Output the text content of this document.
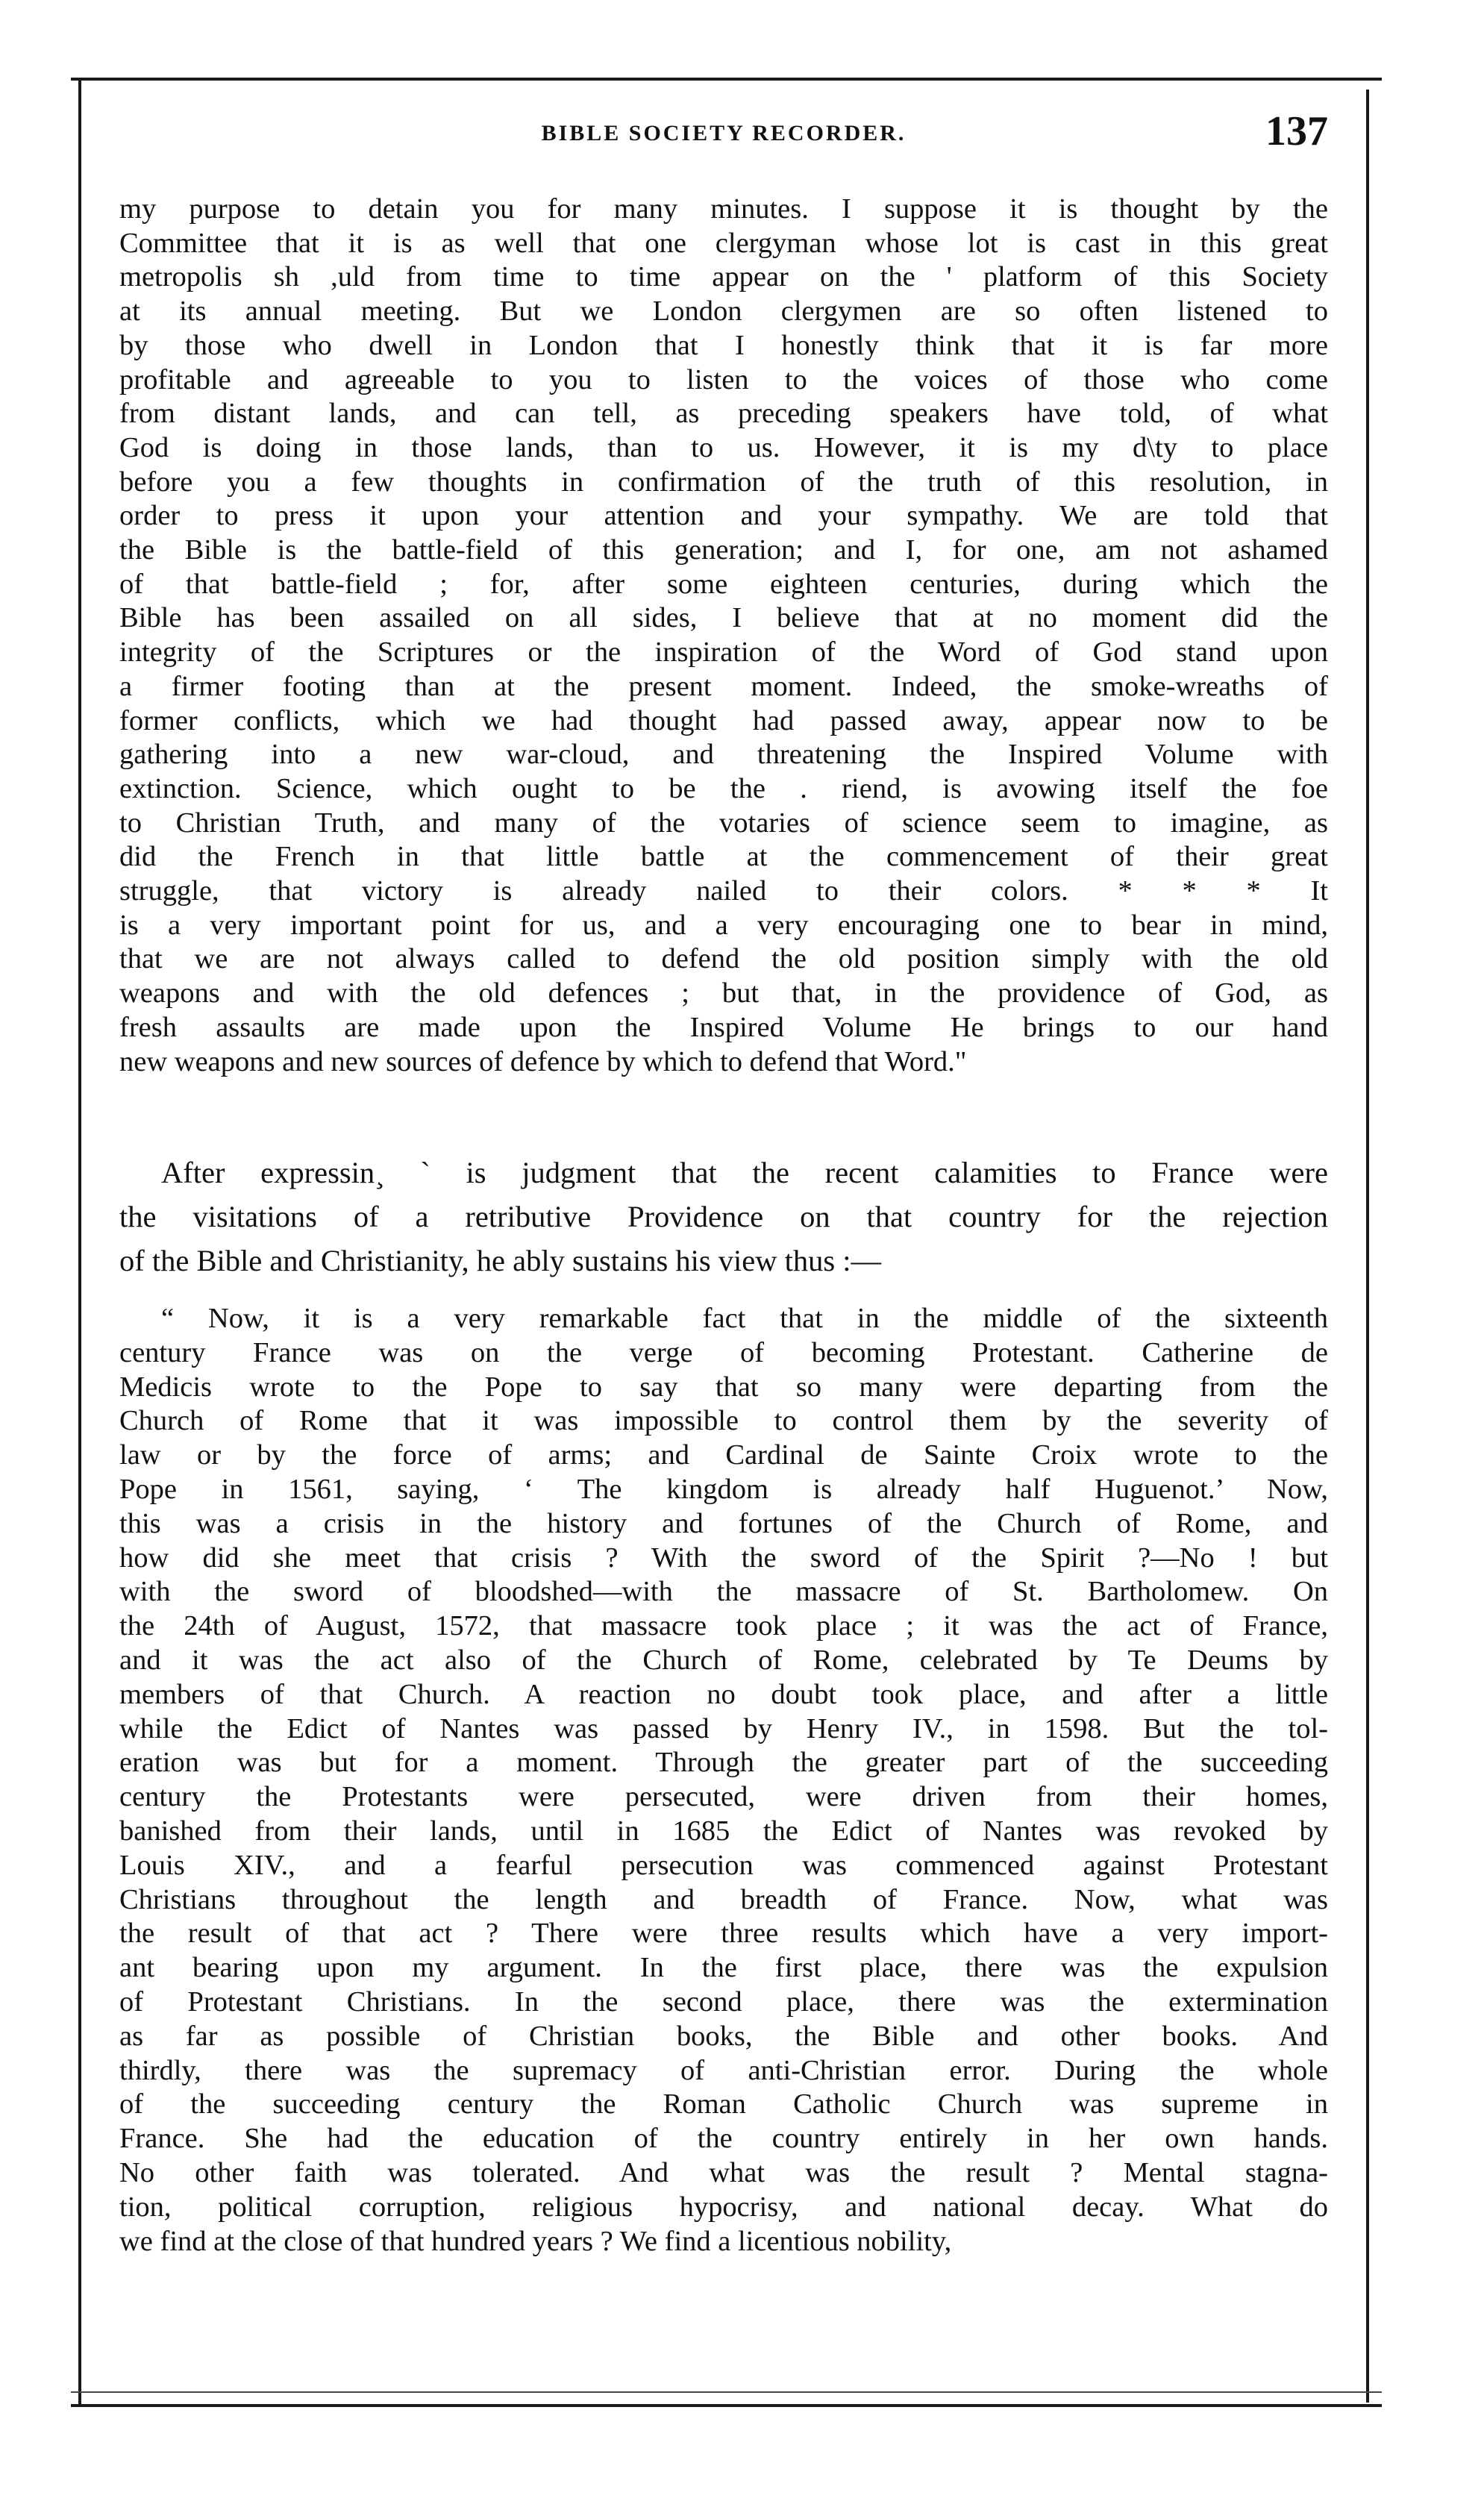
BIBLE SOCIETY RECORDER.	137
my purpose to detain you for many minutes. I suppose it is thought by the
Committee that it is as well that one clergyman whose lot is cast in this great
metropolis sh ,uld from time to time appear on the ' platform of this Society
at its annual meeting. But we London clergymen are so often listened to
by those who dwell in London that I honestly think that it is far more
profitable and agreeable to you to listen to the voices of those who come
from distant lands, and can tell, as preceding speakers have told, of what
God is doing in those lands, than to us. However, it is my d\ty to place
before you a few thoughts in confirmation of the truth of this resolution, in
order to press it upon your attention and your sympathy. We are told that
the Bible is the battle-field of this generation; and I, for one, am not ashamed
of that battle-field ; for, after some eighteen centuries, during which the
Bible has been assailed on all sides, I believe that at no moment did the
integrity of the Scriptures or the inspiration of the Word of God stand upon
a firmer footing than at the present moment. Indeed, the smoke-wreaths of
former conflicts, which we had thought had passed away, appear now to be
gathering into a new war-cloud, and threatening the Inspired Volume with
extinction. Science, which ought to be the . riend, is avowing itself the foe
to Christian Truth, and many of the votaries of science seem to imagine, as
did the French in that little battle at the commencement of their great
struggle, that victory is already nailed to their colors. * * * It
is a very important point for us, and a very encouraging one to bear in mind,
that we are not always called to defend the old position simply with the old
weapons and with the old defences ; but that, in the providence of God, as
fresh assaults are made upon the Inspired Volume He brings to our hand
new weapons and new sources of defence by which to defend that Word."
After expressin¸ ` is judgment that the recent calamities to France were
the visitations of a retributive Providence on that country for the rejection
of the Bible and Christianity, he ably sustains his view thus :—
“ Now, it is a very remarkable fact that in the middle of the sixteenth
century France was on the verge of becoming Protestant. Catherine de
Medicis wrote to the Pope to say that so many were departing from the
Church of Rome that it was impossible to control them by the severity of
law or by the force of arms; and Cardinal de Sainte Croix wrote to the
Pope in 1561, saying, ‘ The kingdom is already half Huguenot.’ Now,
this was a crisis in the history and fortunes of the Church of Rome, and
how did she meet that crisis ? With the sword of the Spirit ?—No ! but
with the sword of bloodshed—with the massacre of St. Bartholomew. On
the 24th of August, 1572, that massacre took place ; it was the act of France,
and it was the act also of the Church of Rome, celebrated by Te Deums by
members of that Church. A reaction no doubt took place, and after a little
while the Edict of Nantes was passed by Henry IV., in 1598. But the tol-
eration was but for a moment. Through the greater part of the succeeding
century the Protestants were persecuted, were driven from their homes,
banished from their lands, until in 1685 the Edict of Nantes was revoked by
Louis XIV., and a fearful persecution was commenced against Protestant
Christians throughout the length and breadth of France. Now, what was
the result of that act ? There were three results which have a very import-
ant bearing upon my argument. In the first place, there was the expulsion
of Protestant Christians. In the second place, there was the extermination
as far as possible of Christian books, the Bible and other books. And
thirdly, there was the supremacy of anti-Christian error. During the whole
of the succeeding century the Roman Catholic Church was supreme in
France. She had the education of the country entirely in her own hands.
No other faith was tolerated. And what was the result ? Mental stagna-
tion, political corruption, religious hypocrisy, and national decay. What do
we find at the close of that hundred years ? We find a licentious nobility,
